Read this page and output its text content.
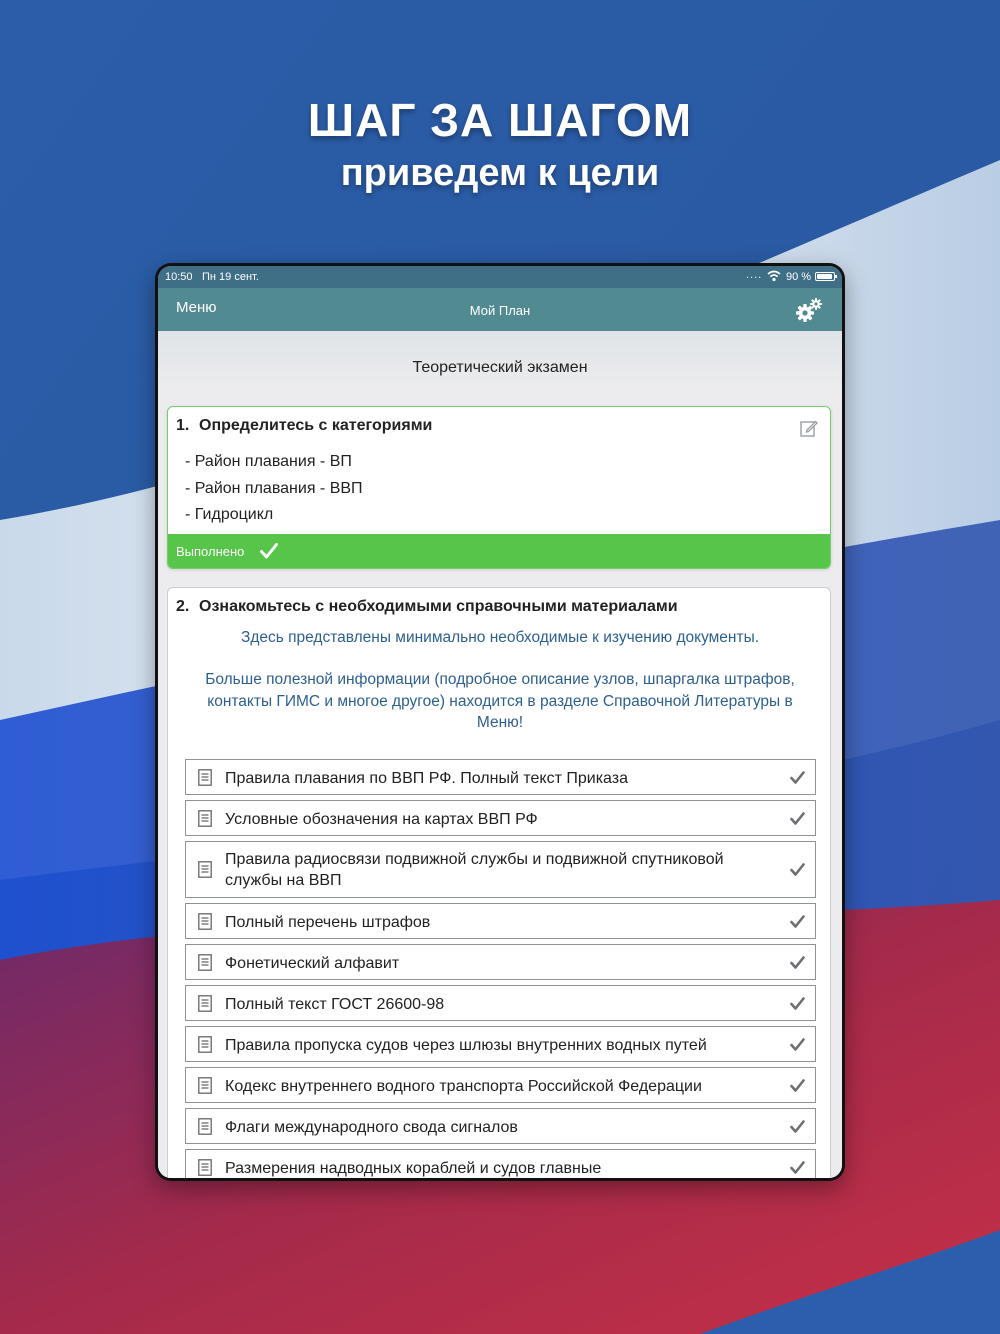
ШАГ ЗА ШАГОМ
приведем к цели
10:50 Пн 19 сент.	.... 90 %
Меню	Мой План
Теоретический экзамен
1. Определитесь с категориями
- Район плавания - ВП
- Район плавания - ВВП
- Гидроцикл
Выполнено
2. Ознакомьтесь с необходимыми справочными материалами
Здесь представлены минимально необходимые к изучению документы.
Больше полезной информации (подробное описание узлов, шпаргалка штрафов, контакты ГИМС и многое другое) находится в разделе Справочной Литературы в Меню!
Правила плавания по ВВП РФ. Полный текст Приказа
Условные обозначения на картах ВВП РФ
Правила радиосвязи подвижной службы и подвижной спутниковой службы на ВВП
Полный перечень штрафов
Фонетический алфавит
Полный текст ГОСТ 26600-98
Правила пропуска судов через шлюзы внутренних водных путей
Кодекс внутреннего водного транспорта Российской Федерации
Флаги международного свода сигналов
Размерения надводных кораблей и судов главные
